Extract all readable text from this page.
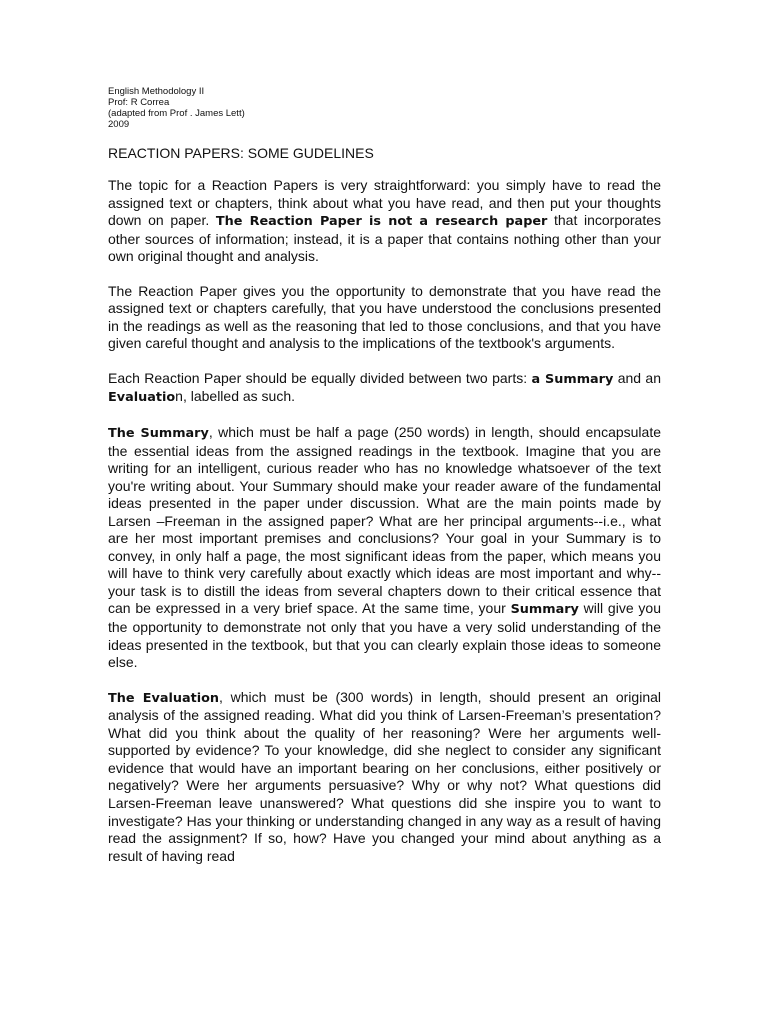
English Methodology II
Prof: R Correa
(adapted from Prof . James Lett)
2009
REACTION PAPERS: SOME GUDELINES

The topic for a Reaction Papers is very straightforward: you simply have to read the assigned text or chapters, think about what you have read, and then put your thoughts down on paper. The Reaction Paper is not a research paper that incorporates other sources of information; instead, it is a paper that contains nothing other than your own original thought and analysis.

The Reaction Paper gives you the opportunity to demonstrate that you have read the assigned text or chapters carefully, that you have understood the conclusions presented in the readings as well as the reasoning that led to those conclusions, and that you have given careful thought and analysis to the implications of the textbook's arguments.

Each Reaction Paper should be equally divided between two parts: a Summary and an Evaluation, labelled as such.

The Summary, which must be half a page (250 words) in length, should encapsulate the essential ideas from the assigned readings in the textbook. Imagine that you are writing for an intelligent, curious reader who has no knowledge whatsoever of the text you're writing about. Your Summary should make your reader aware of the fundamental ideas presented in the paper under discussion. What are the main points made by Larsen –Freeman in the assigned paper? What are her principal arguments--i.e., what are her most important premises and conclusions? Your goal in your Summary is to convey, in only half a page, the most significant ideas from the paper, which means you will have to think very carefully about exactly which ideas are most important and why--your task is to distill the ideas from several chapters down to their critical essence that can be expressed in a very brief space. At the same time, your Summary will give you the opportunity to demonstrate not only that you have a very solid understanding of the ideas presented in the textbook, but that you can clearly explain those ideas to someone else.

The Evaluation, which must be (300 words) in length, should present an original analysis of the assigned reading. What did you think of Larsen-Freeman’s presentation? What did you think about the quality of her reasoning? Were her arguments well-supported by evidence? To your knowledge, did she neglect to consider any significant evidence that would have an important bearing on her conclusions, either positively or negatively? Were her arguments persuasive? Why or why not? What questions did Larsen-Freeman leave unanswered? What questions did she inspire you to want to investigate? Has your thinking or understanding changed in any way as a result of having read the assignment? If so, how? Have you changed your mind about anything as a result of having read
